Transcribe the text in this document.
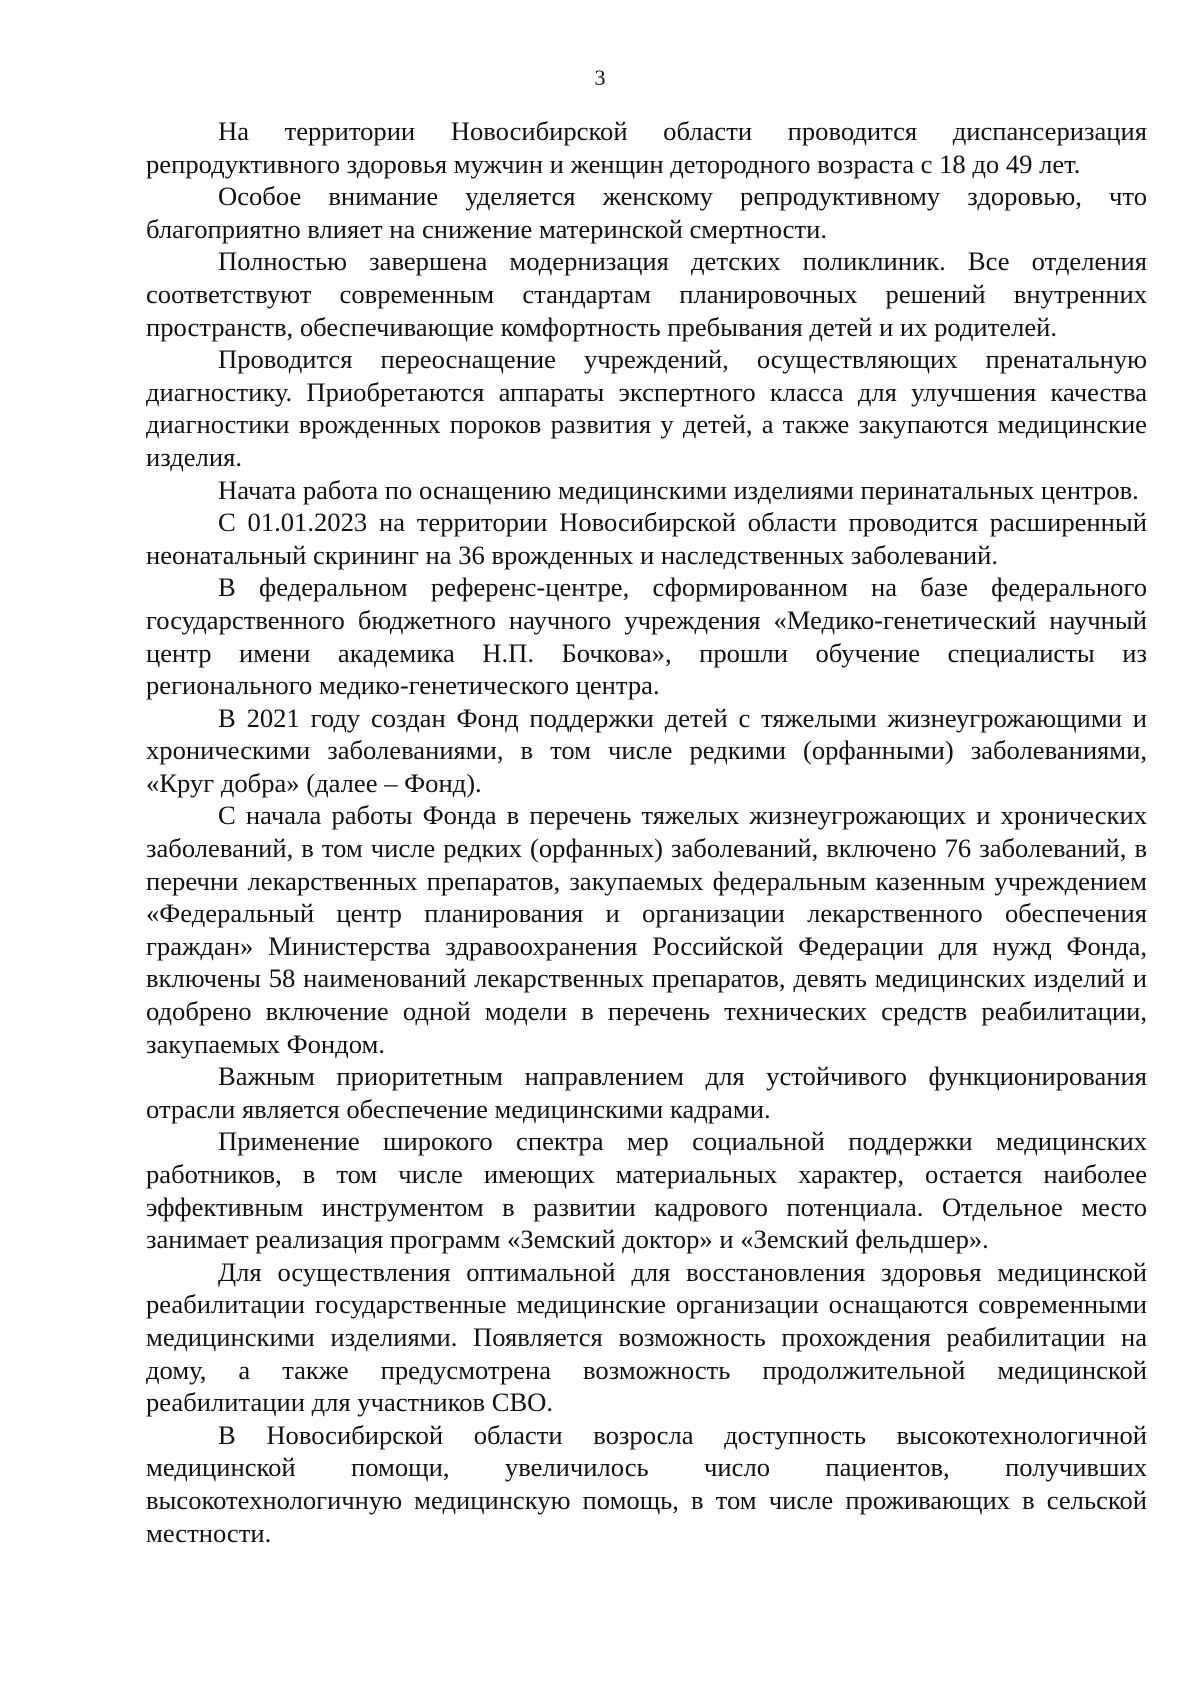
3

На территории Новосибирской области проводится диспансеризация репродуктивного здоровья мужчин и женщин детородного возраста с 18 до 49 лет.

Особое внимание уделяется женскому репродуктивному здоровью, что благоприятно влияет на снижение материнской смертности.

Полностью завершена модернизация детских поликлиник. Все отделения соответствуют современным стандартам планировочных решений внутренних пространств, обеспечивающие комфортность пребывания детей и их родителей.

Проводится переоснащение учреждений, осуществляющих пренатальную диагностику. Приобретаются аппараты экспертного класса для улучшения качества диагностики врожденных пороков развития у детей, а также закупаются медицинские изделия.

Начата работа по оснащению медицинскими изделиями перинатальных центров.

С 01.01.2023 на территории Новосибирской области проводится расширенный неонатальный скрининг на 36 врожденных и наследственных заболеваний.

В федеральном референс-центре, сформированном на базе федерального государственного бюджетного научного учреждения «Медико-генетический научный центр имени академика Н.П. Бочкова», прошли обучение специалисты из регионального медико-генетического центра.

В 2021 году создан Фонд поддержки детей с тяжелыми жизнеугрожающими и хроническими заболеваниями, в том числе редкими (орфанными) заболеваниями, «Круг добра» (далее – Фонд).

С начала работы Фонда в перечень тяжелых жизнеугрожающих и хронических заболеваний, в том числе редких (орфанных) заболеваний, включено 76 заболеваний, в перечни лекарственных препаратов, закупаемых федеральным казенным учреждением «Федеральный центр планирования и организации лекарственного обеспечения граждан» Министерства здравоохранения Российской Федерации для нужд Фонда, включены 58 наименований лекарственных препаратов, девять медицинских изделий и одобрено включение одной модели в перечень технических средств реабилитации, закупаемых Фондом.

Важным приоритетным направлением для устойчивого функционирования отрасли является обеспечение медицинскими кадрами.

Применение широкого спектра мер социальной поддержки медицинских работников, в том числе имеющих материальных характер, остается наиболее эффективным инструментом в развитии кадрового потенциала. Отдельное место занимает реализация программ «Земский доктор» и «Земский фельдшер».

Для осуществления оптимальной для восстановления здоровья медицинской реабилитации государственные медицинские организации оснащаются современными медицинскими изделиями. Появляется возможность прохождения реабилитации на дому, а также предусмотрена возможность продолжительной медицинской реабилитации для участников СВО.

В Новосибирской области возросла доступность высокотехнологичной медицинской помощи, увеличилось число пациентов, получивших высокотехнологичную медицинскую помощь, в том числе проживающих в сельской местности.
